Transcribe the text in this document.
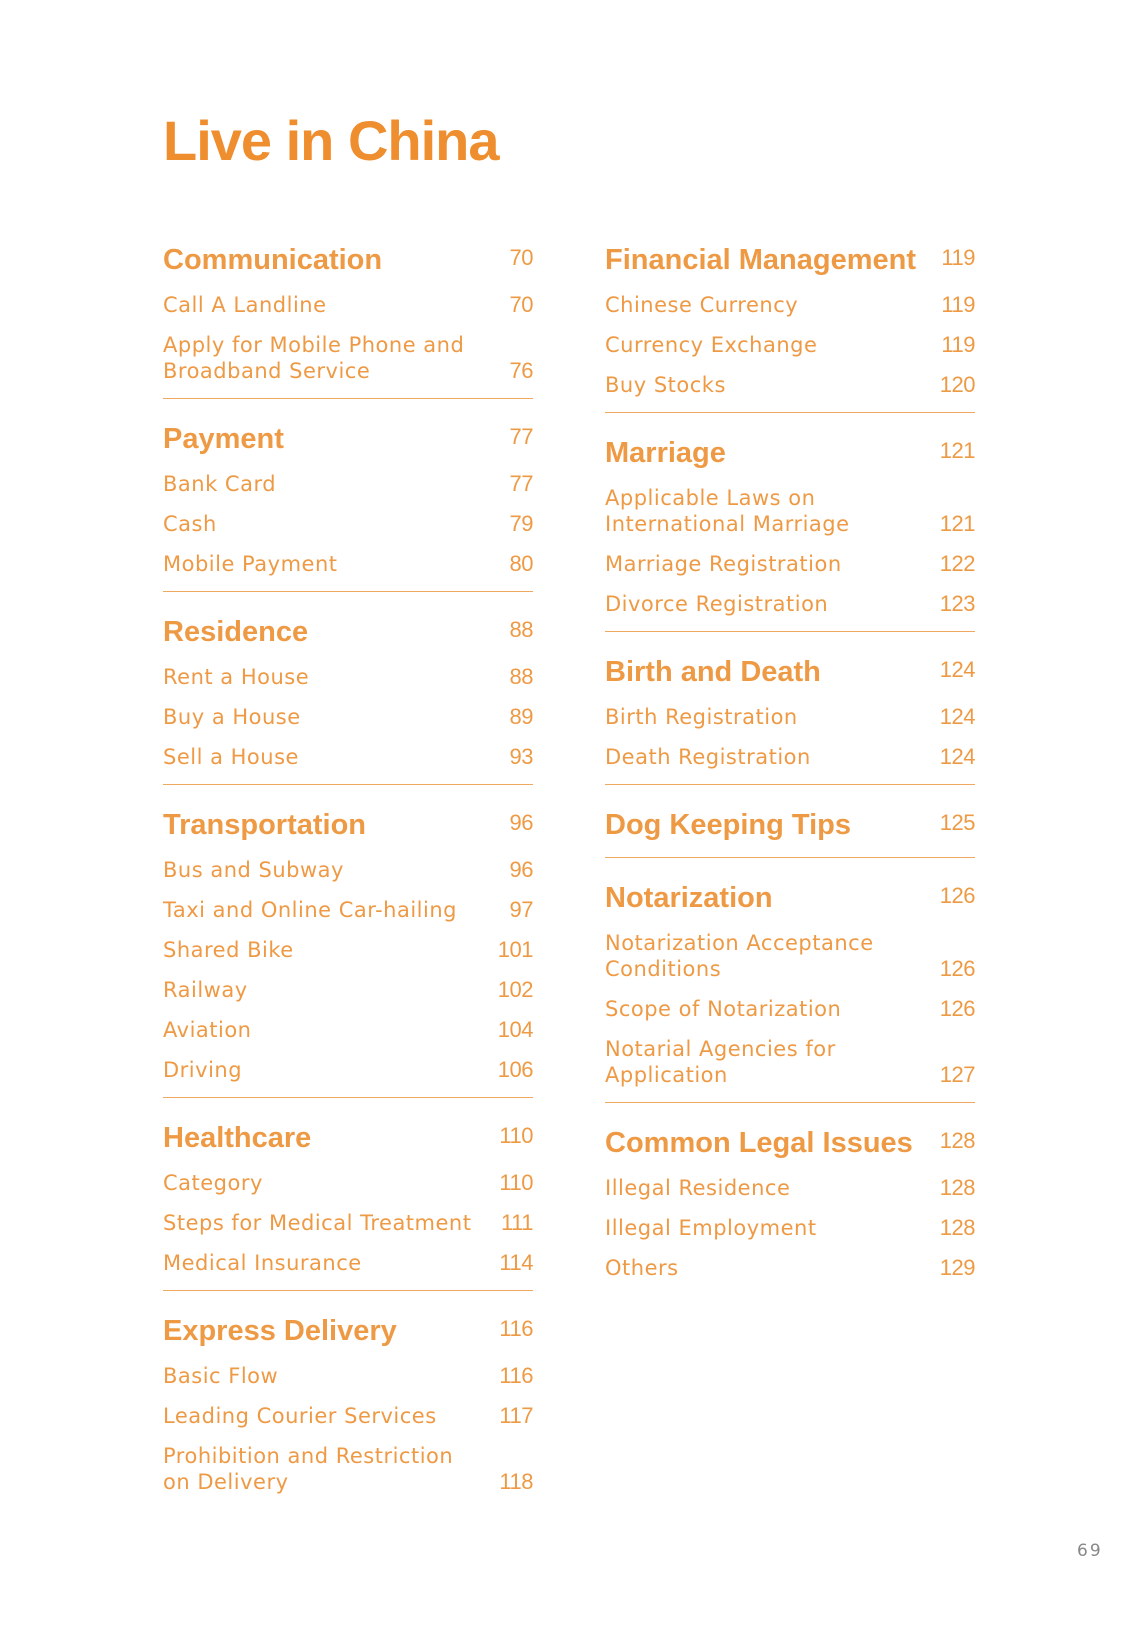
Live in China
Communication	70
Call A Landline	70
Apply for Mobile Phone and Broadband Service	76
Payment	77
Bank Card	77
Cash	79
Mobile Payment	80
Residence	88
Rent a House	88
Buy a House	89
Sell a House	93
Transportation	96
Bus and Subway	96
Taxi and Online Car-hailing 97
Shared Bike	101
Railway	102
Aviation	104
Driving	106
Healthcare	110
Category	110
Steps for Medical Treatment 111
Medical Insurance	114
Express Delivery	116
Basic Flow	116
Leading Courier Services	117
Prohibition and Restriction on Delivery	118
Financial Management 119
Chinese Currency	119
Currency Exchange	119
Buy Stocks	120
Marriage	121
Applicable Laws on International Marriage	121
Marriage Registration	122
Divorce Registration	123
Birth and Death	124
Birth Registration	124
Death Registration	124
Dog Keeping Tips	125
Notarization	126
Notarization Acceptance Conditions	126
Scope of Notarization	126
Notarial Agencies for Application	127
Common Legal Issues 128
Illegal Residence	128
Illegal Employment	128
Others	129
69
